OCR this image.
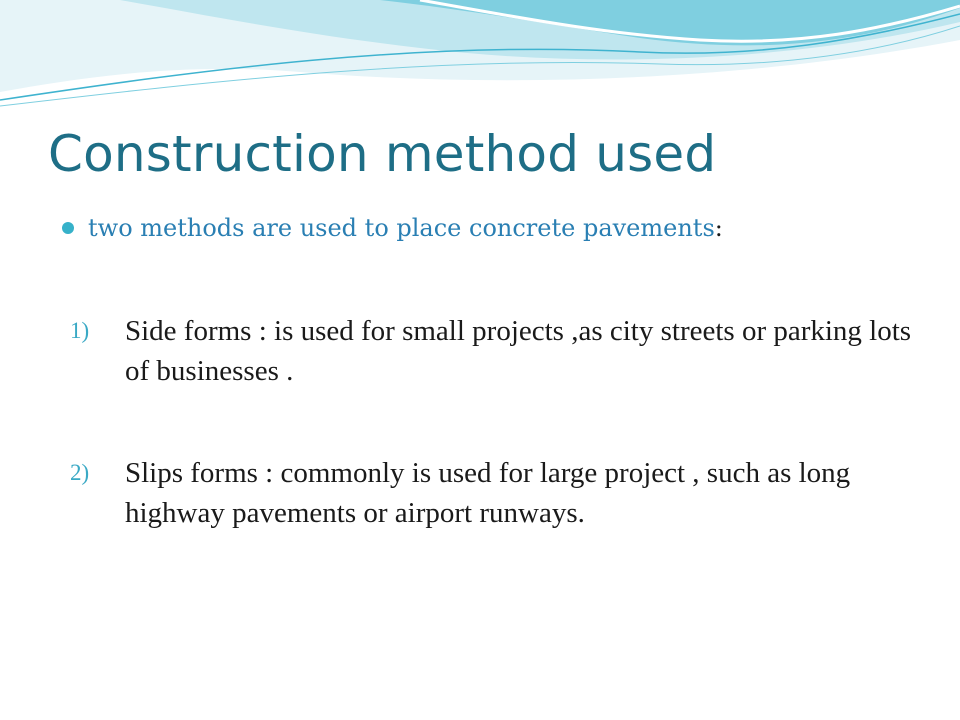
Construction method used
two methods are used to place concrete pavements :
1)	Side forms : is used for small projects ,as city streets or parking lots of businesses .
2)	Slips forms : commonly is used for large project , such as long highway pavements or airport runways.
